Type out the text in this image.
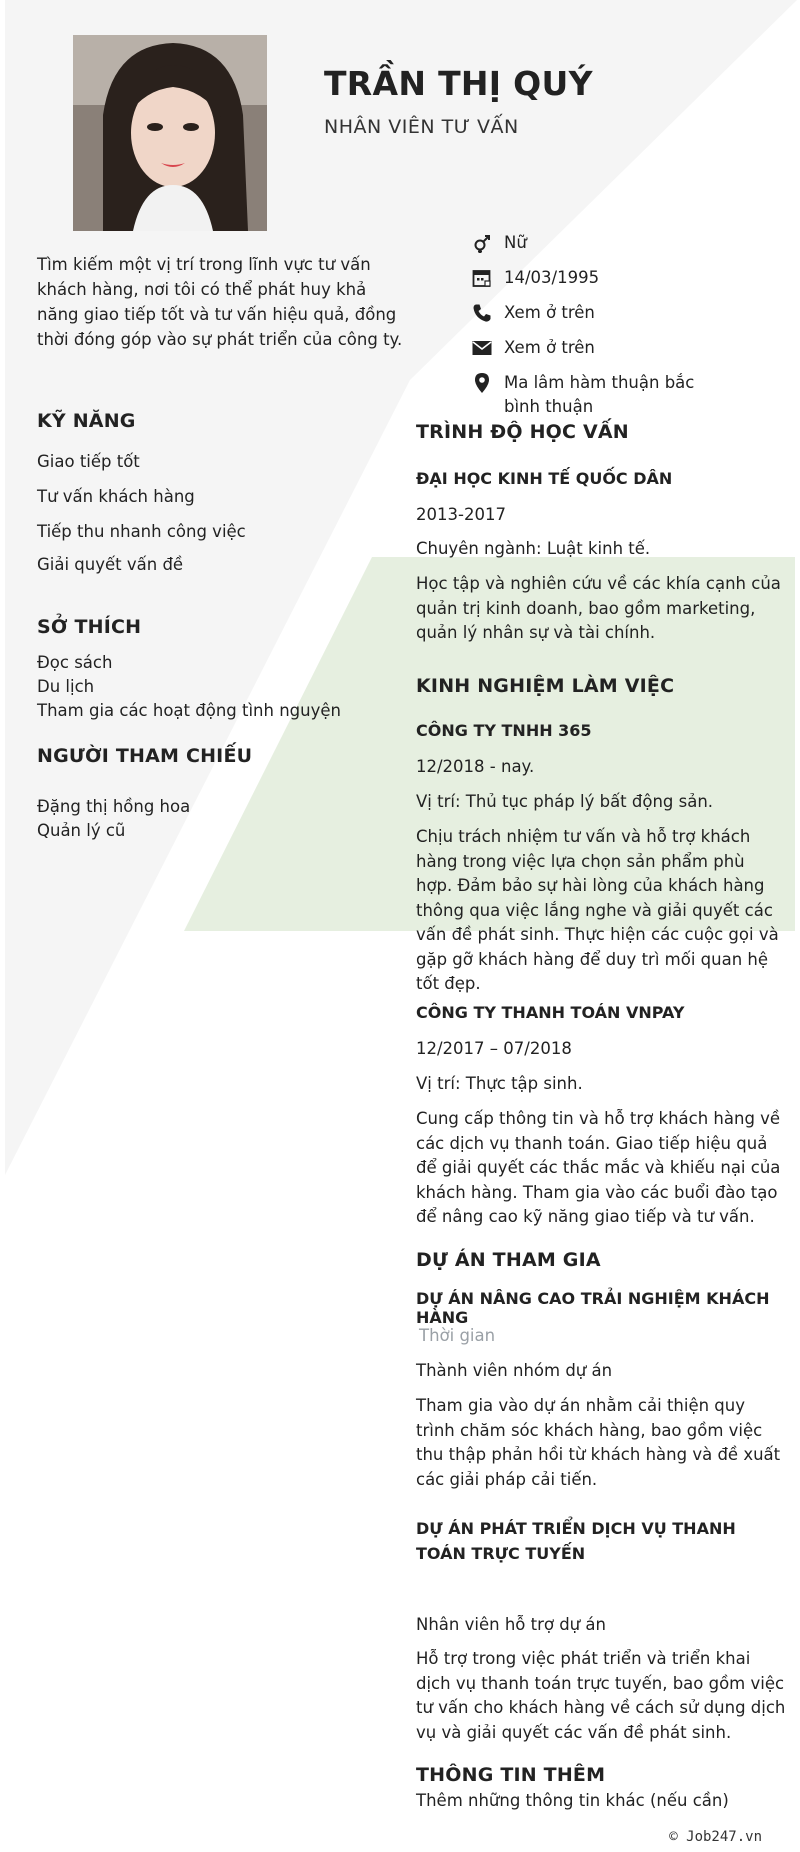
TRẦN THỊ QUÝ
NHÂN VIÊN TƯ VẤN

Tìm kiếm một vị trí trong lĩnh vực tư vấn khách hàng, nơi tôi có thể phát huy khả năng giao tiếp tốt và tư vấn hiệu quả, đồng thời đóng góp vào sự phát triển của công ty.

Nữ
14/03/1995
Xem ở trên
Xem ở trên
Ma lâm hàm thuận bắc bình thuận
KỸ NĂNG
Giao tiếp tốt
Tư vấn khách hàng
Tiếp thu nhanh công việc
Giải quyết vấn đề
SỞ THÍCH
Đọc sách
Du lịch
Tham gia các hoạt động tình nguyện
NGƯỜI THAM CHIẾU
Đặng thị hồng hoa
Quản lý cũ
TRÌNH ĐỘ HỌC VẤN
ĐẠI HỌC KINH TẾ QUỐC DÂN
2013-2017
Chuyên ngành: Luật kinh tế.

Học tập và nghiên cứu về các khía cạnh của quản trị kinh doanh, bao gồm marketing, quản lý nhân sự và tài chính.

KINH NGHIỆM LÀM VIỆC
CÔNG TY TNHH 365
12/2018 - nay.
Vị trí: Thủ tục pháp lý bất động sản.

Chịu trách nhiệm tư vấn và hỗ trợ khách hàng trong việc lựa chọn sản phẩm phù hợp. Đảm bảo sự hài lòng của khách hàng thông qua việc lắng nghe và giải quyết các vấn đề phát sinh. Thực hiện các cuộc gọi và gặp gỡ khách hàng để duy trì mối quan hệ tốt đẹp.

CÔNG TY THANH TOÁN VNPAY
12/2017 – 07/2018
Vị trí: Thực tập sinh.

Cung cấp thông tin và hỗ trợ khách hàng về các dịch vụ thanh toán. Giao tiếp hiệu quả để giải quyết các thắc mắc và khiếu nại của khách hàng. Tham gia vào các buổi đào tạo để nâng cao kỹ năng giao tiếp và tư vấn.

DỰ ÁN THAM GIA
DỰ ÁN NÂNG CAO TRẢI NGHIỆM KHÁCH HÀNG
Thời gian
Thành viên nhóm dự án

Tham gia vào dự án nhằm cải thiện quy trình chăm sóc khách hàng, bao gồm việc thu thập phản hồi từ khách hàng và đề xuất các giải pháp cải tiến.

DỰ ÁN PHÁT TRIỂN DỊCH VỤ THANH TOÁN TRỰC TUYẾN
Nhân viên hỗ trợ dự án

Hỗ trợ trong việc phát triển và triển khai dịch vụ thanh toán trực tuyến, bao gồm việc tư vấn cho khách hàng về cách sử dụng dịch vụ và giải quyết các vấn đề phát sinh.

THÔNG TIN THÊM
Thêm những thông tin khác (nếu cần)
© Job247.vn
